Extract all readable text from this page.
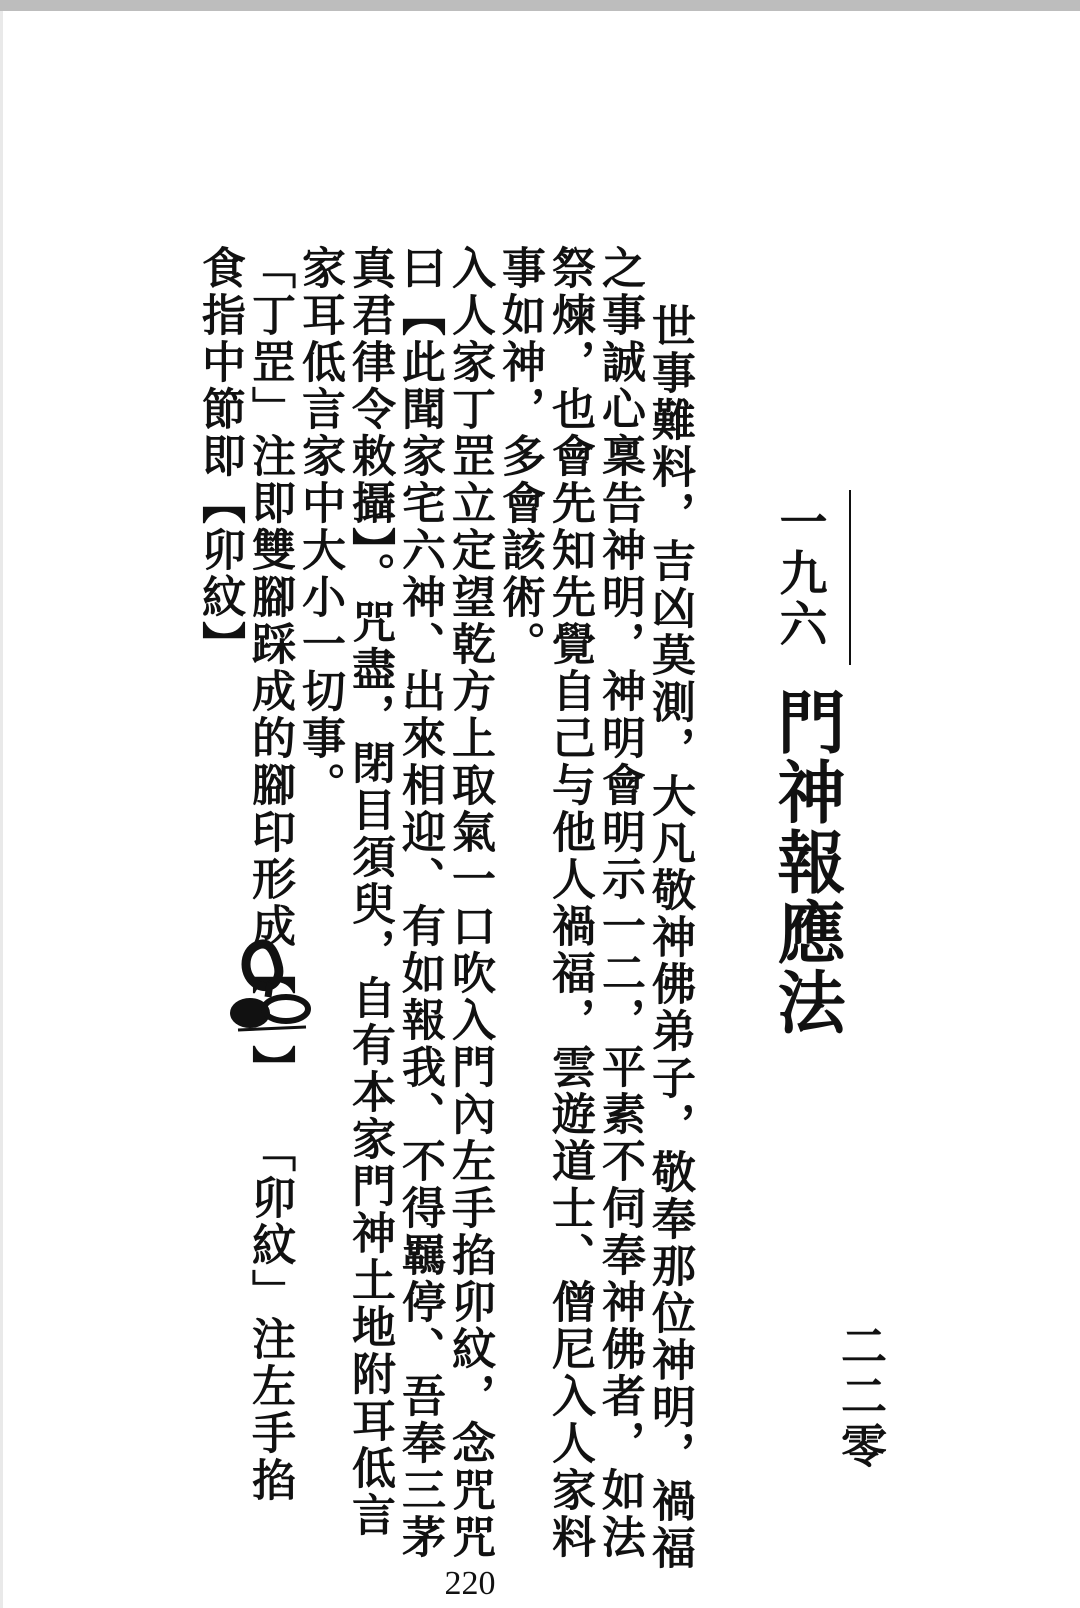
二二零
一九六
門神報應法
世事難料，吉凶莫測，大凡敬神佛弟子，敬奉那位神明，禍福
之事誠心稟告神明，神明會明示一二，平素不伺奉神佛者，如法
祭煉，也會先知先覺自己与他人禍福，雲遊道士、僧尼入人家料
事如神，多會該術。
入人家丁罡立定望乾方上取氣一口吹入門內左手掐卯紋，念咒咒
曰【此聞家宅六神、出來相迎、有如報我、不得羈停、吾奉三茅
真君律令敕攝】。咒盡，閉目須臾，自有本家門神土地附耳低言
家耳低言家中大小一切事。
「丁罡」注即雙腳踩成的腳印形成【
】
「卯紋」注左手掐
食指中節即【卯紋】
220
